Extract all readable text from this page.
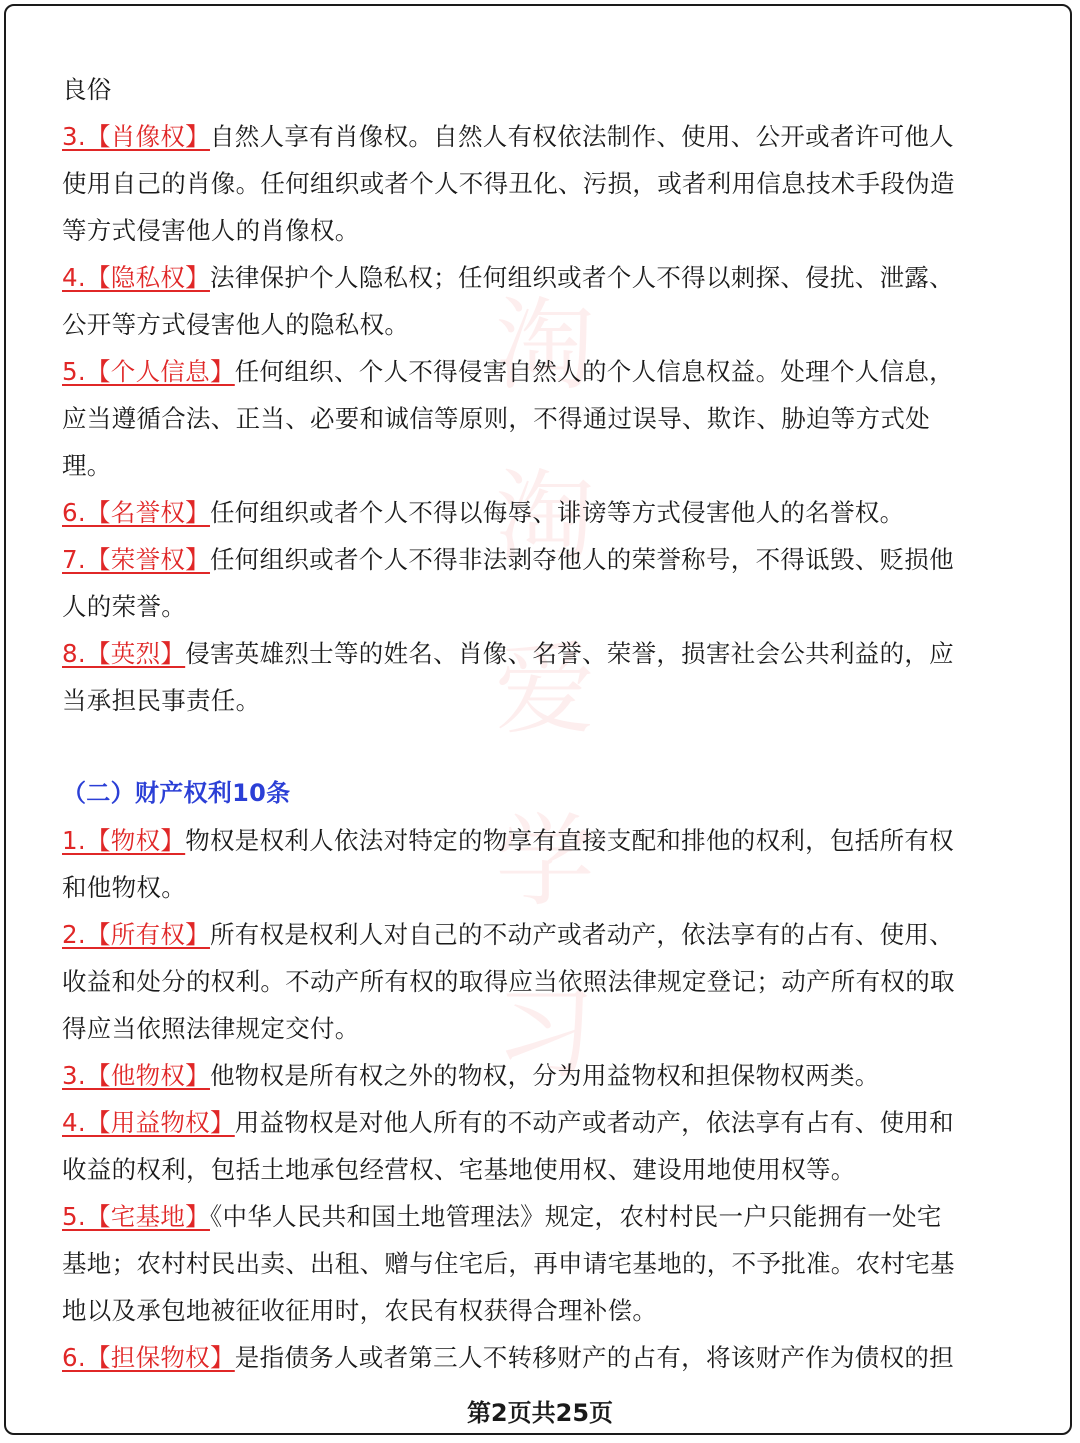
淘
淘
爱
学
习
良俗
3.【肖像权】自然人享有肖像权。自然人有权依法制作、使用、公开或者许可他人
使用自己的肖像。任何组织或者个人不得丑化、污损，或者利用信息技术手段伪造
等方式侵害他人的肖像权。
4.【隐私权】法律保护个人隐私权；任何组织或者个人不得以刺探、侵扰、泄露、
公开等方式侵害他人的隐私权。
5.【个人信息】任何组织、个人不得侵害自然人的个人信息权益。处理个人信息，
应当遵循合法、正当、必要和诚信等原则，不得通过误导、欺诈、胁迫等方式处
理。
6.【名誉权】任何组织或者个人不得以侮辱、诽谤等方式侵害他人的名誉权。
7.【荣誉权】任何组织或者个人不得非法剥夺他人的荣誉称号，不得诋毁、贬损他
人的荣誉。
8.【英烈】侵害英雄烈士等的姓名、肖像、名誉、荣誉，损害社会公共利益的，应
当承担民事责任。
（二）财产权利10条
1.【物权】物权是权利人依法对特定的物享有直接支配和排他的权利，包括所有权
和他物权。
2.【所有权】所有权是权利人对自己的不动产或者动产，依法享有的占有、使用、
收益和处分的权利。不动产所有权的取得应当依照法律规定登记；动产所有权的取
得应当依照法律规定交付。
3.【他物权】他物权是所有权之外的物权，分为用益物权和担保物权两类。
4.【用益物权】用益物权是对他人所有的不动产或者动产，依法享有占有、使用和
收益的权利，包括土地承包经营权、宅基地使用权、建设用地使用权等。
5.【宅基地】《中华人民共和国土地管理法》规定，农村村民一户只能拥有一处宅
基地；农村村民出卖、出租、赠与住宅后，再申请宅基地的，不予批准。农村宅基
地以及承包地被征收征用时，农民有权获得合理补偿。
6.【担保物权】是指债务人或者第三人不转移财产的占有，将该财产作为债权的担
第2页共25页
